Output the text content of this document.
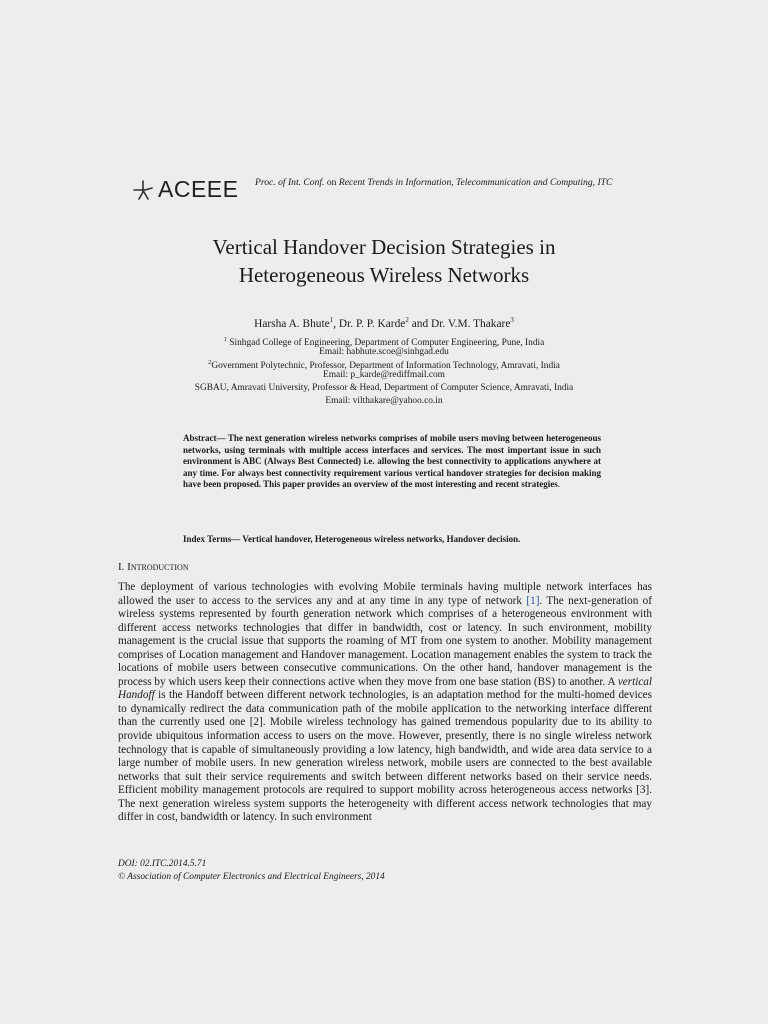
ACEEE Proc. of Int. Conf. on Recent Trends in Information, Telecommunication and Computing, ITC
Vertical Handover Decision Strategies in
Heterogeneous Wireless Networks
Harsha A. Bhute$^1$, Dr. P. P. Karde$^2$ and Dr. V.M. Thakare$^3$
$^1$ Sinhgad College of Engineering, Department of Computer Engineering, Pune, India
Email: habhute.scoe@sinhgad.edu
$^2$Government Polytechnic, Professor, Department of Information Technology, Amravati, India
Email: p_karde@rediffmail.com
SGBAU, Amravati University, Professor & Head, Department of Computer Science, Amravati, India
Email: vilthakare@yahoo.co.in
Abstract— The next generation wireless networks comprises of mobile users moving between heterogeneous networks, using terminals with multiple access interfaces and services. The most important issue in such environment is ABC (Always Best Connected) i.e. allowing the best connectivity to applications anywhere at any time. For always best connectivity requirement various vertical handover strategies for decision making have been proposed. This paper provides an overview of the most interesting and recent strategies.
Index Terms— Vertical handover, Heterogeneous wireless networks, Handover decision.
I. Introduction
The deployment of various technologies with evolving Mobile terminals having multiple network interfaces has allowed the user to access to the services any and at any time in any type of network [1]. The next-generation of wireless systems represented by fourth generation network which comprises of a heterogeneous environment with different access networks technologies that differ in bandwidth, cost or latency. In such environment, mobility management is the crucial issue that supports the roaming of MT from one system to another. Mobility management comprises of Location management and Handover management. Location management enables the system to track the locations of mobile users between consecutive communications. On the other hand, handover management is the process by which users keep their connections active when they move from one base station (BS) to another. A vertical Handoff is the Handoff between different network technologies, is an adaptation method for the multi-homed devices to dynamically redirect the data communication path of the mobile application to the networking interface different than the currently used one [2]. Mobile wireless technology has gained tremendous popularity due to its ability to provide ubiquitous information access to users on the move. However, presently, there is no single wireless network technology that is capable of simultaneously providing a low latency, high bandwidth, and wide area data service to a large number of mobile users. In new generation wireless network, mobile users are connected to the best available networks that suit their service requirements and switch between different networks based on their service needs. Efficient mobility management protocols are required to support mobility across heterogeneous access networks [3]. The next generation wireless system supports the heterogeneity with different access network technologies that may differ in cost, bandwidth or latency. In such environment
DOI: 02.ITC.2014.5.71
© Association of Computer Electronics and Electrical Engineers, 2014
